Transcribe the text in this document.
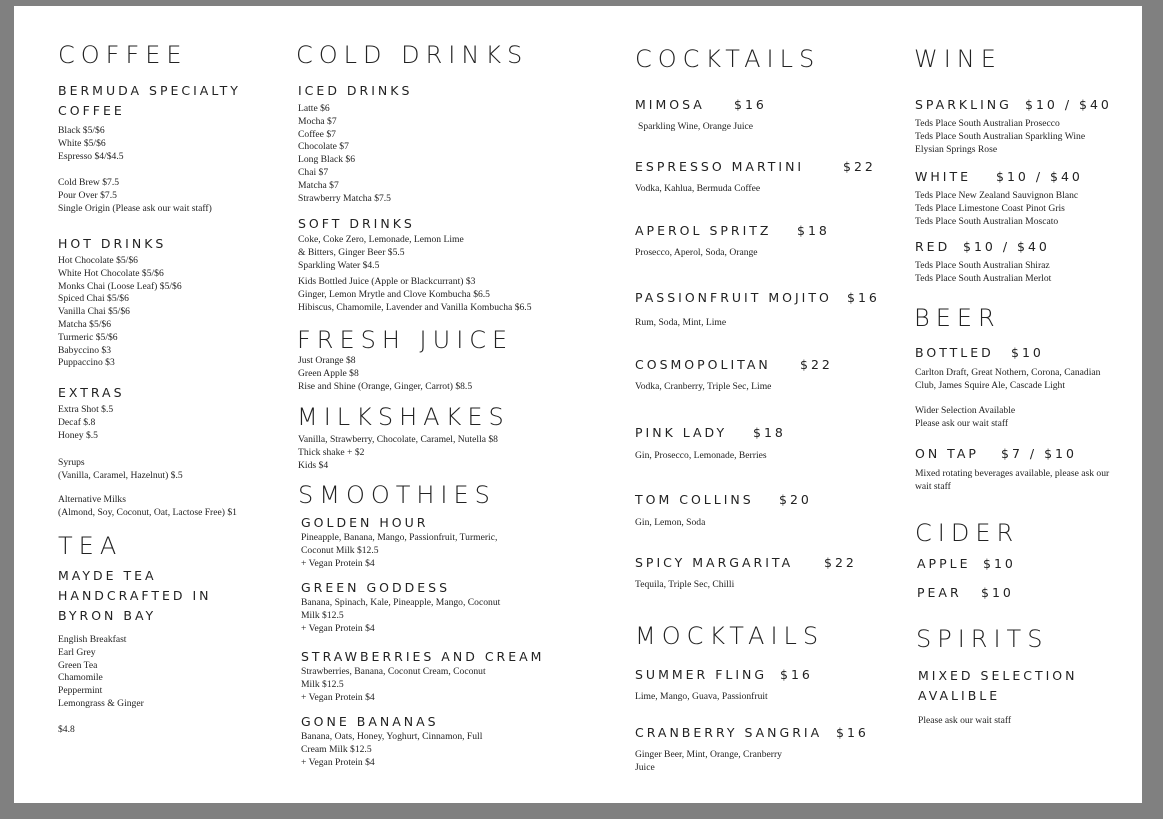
COFFEE
BERMUDA SPECIALTY COFFEE
Black $5/$6
White $5/$6
Espresso $4/$4.5
Cold Brew $7.5
Pour Over $7.5
Single Origin (Please ask our wait staff)
HOT DRINKS
Hot Chocolate $5/$6
White Hot Chocolate $5/$6
Monks Chai (Loose Leaf) $5/$6
Spiced Chai $5/$6
Vanilla Chai $5/$6
Matcha $5/$6
Turmeric $5/$6
Babyccino $3
Puppaccino $3
EXTRAS
Extra Shot $.5
Decaf $.8
Honey $.5
Syrups
(Vanilla, Caramel, Hazelnut) $.5
Alternative Milks
(Almond, Soy, Coconut, Oat, Lactose Free) $1
TEA
MAYDE TEA HANDCRAFTED IN BYRON BAY
English Breakfast
Earl Grey
Green Tea
Chamomile
Peppermint
Lemongrass & Ginger
$4.8
COLD DRINKS
ICED DRINKS
Latte $6
Mocha $7
Coffee $7
Chocolate $7
Long Black $6
Chai $7
Matcha $7
Strawberry Matcha $7.5
SOFT DRINKS
Coke, Coke Zero, Lemonade, Lemon Lime
& Bitters, Ginger Beer $5.5
Sparkling Water $4.5
Kids Bottled Juice (Apple or Blackcurrant) $3
Ginger, Lemon Mrytle and Clove Kombucha $6.5
Hibiscus, Chamomile, Lavender and Vanilla Kombucha $6.5
FRESH JUICE
Just Orange $8
Green Apple $8
Rise and Shine (Orange, Ginger, Carrot) $8.5
MILKSHAKES
Vanilla, Strawberry, Chocolate, Caramel, Nutella $8
Thick shake + $2
Kids $4
SMOOTHIES
GOLDEN HOUR
Pineapple, Banana, Mango, Passionfruit, Turmeric,
Coconut Milk $12.5
+ Vegan Protein $4
GREEN GODDESS
Banana, Spinach, Kale, Pineapple, Mango, Coconut
Milk $12.5
+ Vegan Protein $4
STRAWBERRIES AND CREAM
Strawberries, Banana, Coconut Cream, Coconut
Milk $12.5
+ Vegan Protein $4
GONE BANANAS
Banana, Oats, Honey, Yoghurt, Cinnamon, Full
Cream Milk $12.5
+ Vegan Protein $4
COCKTAILS
MIMOSA $16
Sparkling Wine, Orange Juice
ESPRESSO MARTINI	$22
Vodka, Kahlua, Bermuda Coffee
APEROL SPRITZ $18
Prosecco, Aperol, Soda, Orange
PASSIONFRUIT MOJITO $16
Rum, Soda, Mint, Lime
COSMOPOLITAN $22
Vodka, Cranberry, Triple Sec, Lime
PINK LADY $18
Gin, Prosecco, Lemonade, Berries
TOM COLLINS $20
Gin, Lemon, Soda
SPICY MARGARITA $22
Tequila, Triple Sec, Chilli
MOCKTAILS
SUMMER FLING $16
Lime, Mango, Guava, Passionfruit
CRANBERRY SANGRIA $16
Ginger Beer, Mint, Orange, Cranberry
Juice
WINE
SPARKLING $10 / $40
Teds Place South Australian Prosecco
Teds Place South Australian Sparkling Wine
Elysian Springs Rose
WHITE $10 / $40
Teds Place New Zealand Sauvignon Blanc
Teds Place Limestone Coast Pinot Gris
Teds Place South Australian Moscato
RED $10 / $40
Teds Place South Australian Shiraz
Teds Place South Australian Merlot
BEER
BOTTLED $10
Carlton Draft, Great Nothern, Corona, Canadian
Club, James Squire Ale, Cascade Light
Wider Selection Available
Please ask our wait staff
ON TAP $7 / $10
Mixed rotating beverages available, please ask our
wait staff
CIDER
APPLE $10
PEAR $10
SPIRITS
MIXED SELECTION AVALIBLE
Please ask our wait staff
